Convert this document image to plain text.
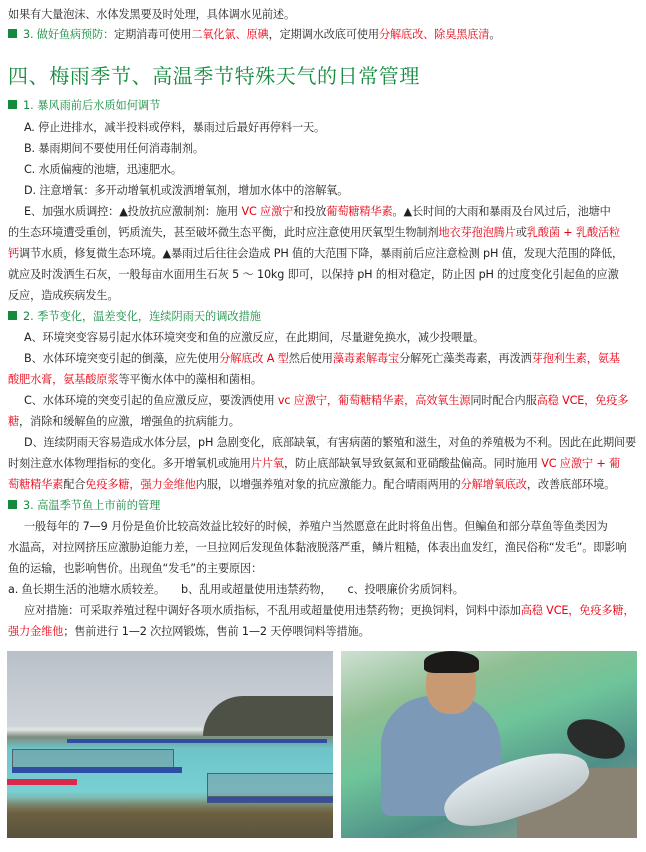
如果有大量泡沫、水体发黑要及时处理，具体调水见前述。
3. 做好鱼病预防：定期消毒可使用二氧化氯、原碘，定期调水改底可使用分解底改、除臭黑底清。
四、梅雨季节、高温季节特殊天气的日常管理
1. 暴风雨前后水质如何调节
A. 停止进排水，减半投料或停料，暴雨过后最好再停料一天。
B. 暴雨期间不要使用任何消毒制剂。
C. 水质偏瘦的池塘，迅速肥水。
D. 注意增氧：多开动增氧机或泼洒增氧剂，增加水体中的溶解氧。
E、加强水质调控：▲投放抗应激制剂：施用 VC 应激宁和投放葡萄糖精华素。▲长时间的大雨和暴雨及台风过后，池塘中
的生态环境遭受重创，钙质流失，甚至破坏微生态平衡，此时应注意使用厌氧型生物制剂地衣芽孢泡腾片或乳酸菌 + 乳酸活粒
钙调节水质，修复微生态环境。▲暴雨过后往往会造成 PH 值的大范围下降，暴雨前后应注意检测 pH 值，发现大范围的降低，
就应及时泼洒生石灰，一般每亩水面用生石灰 5 ～ 10kg 即可，以保持 pH 的相对稳定，防止因 pH 的过度变化引起鱼的应激
反应，造成疾病发生。
2. 季节变化，温差变化，连续阴雨天的调改措施
A、环境突变容易引起水体环境突变和鱼的应激反应，在此期间，尽量避免换水，减少投喂量。
B、水体环境突变引起的倒藻，应先使用分解底改 A 型然后使用藻毒素解毒宝分解死亡藻类毒素，再泼洒芽孢利生素，氨基
酸肥水膏，氨基酸原浆等平衡水体中的藻相和菌相。
C、水体环境的突变引起的鱼应激反应，要泼洒使用 vc 应激宁，葡萄糖精华素，高效氧生源同时配合内服高稳 VCE，免疫多
糖，消除和缓解鱼的应激，增强鱼的抗病能力。
D、连续阴雨天容易造成水体分层，pH 急剧变化，底部缺氧，有害病菌的繁殖和滋生，对鱼的养殖极为不利。因此在此期间要
时刻注意水体物理指标的变化。多开增氧机或施用片片氧，防止底部缺氧导致氨氮和亚硝酸盐偏高。同时施用 VC 应激宁 + 葡
萄糖精华素配合免疫多糖，强力金维他内服，以增强养殖对象的抗应激能力。配合晴雨两用的分解增氧底改，改善底部环境。
3. 高温季节鱼上市前的管理
一般每年的 7—9 月份是鱼价比较高效益比较好的时候，养殖户当然愿意在此时将鱼出售。但鳊鱼和部分草鱼等鱼类因为
水温高，对拉网挤压应激胁迫能力差，一旦拉网后发现鱼体黏液脱落严重，鳞片粗糙，体表出血发红，渔民俗称“发毛”。即影响
鱼的运输，也影响售价。出现鱼“发毛”的主要原因：
a. 鱼长期生活的池塘水质较差。 b、乱用或超量使用违禁药物， c、投喂廉价劣质饲料。
应对措施：可采取养殖过程中调好各项水质指标，不乱用或超量使用违禁药物；更换饲料，饲料中添加高稳 VCE，免疫多糖，
强力金维他；售前进行 1—2 次拉网锻炼，售前 1—2 天停喂饲料等措施。
